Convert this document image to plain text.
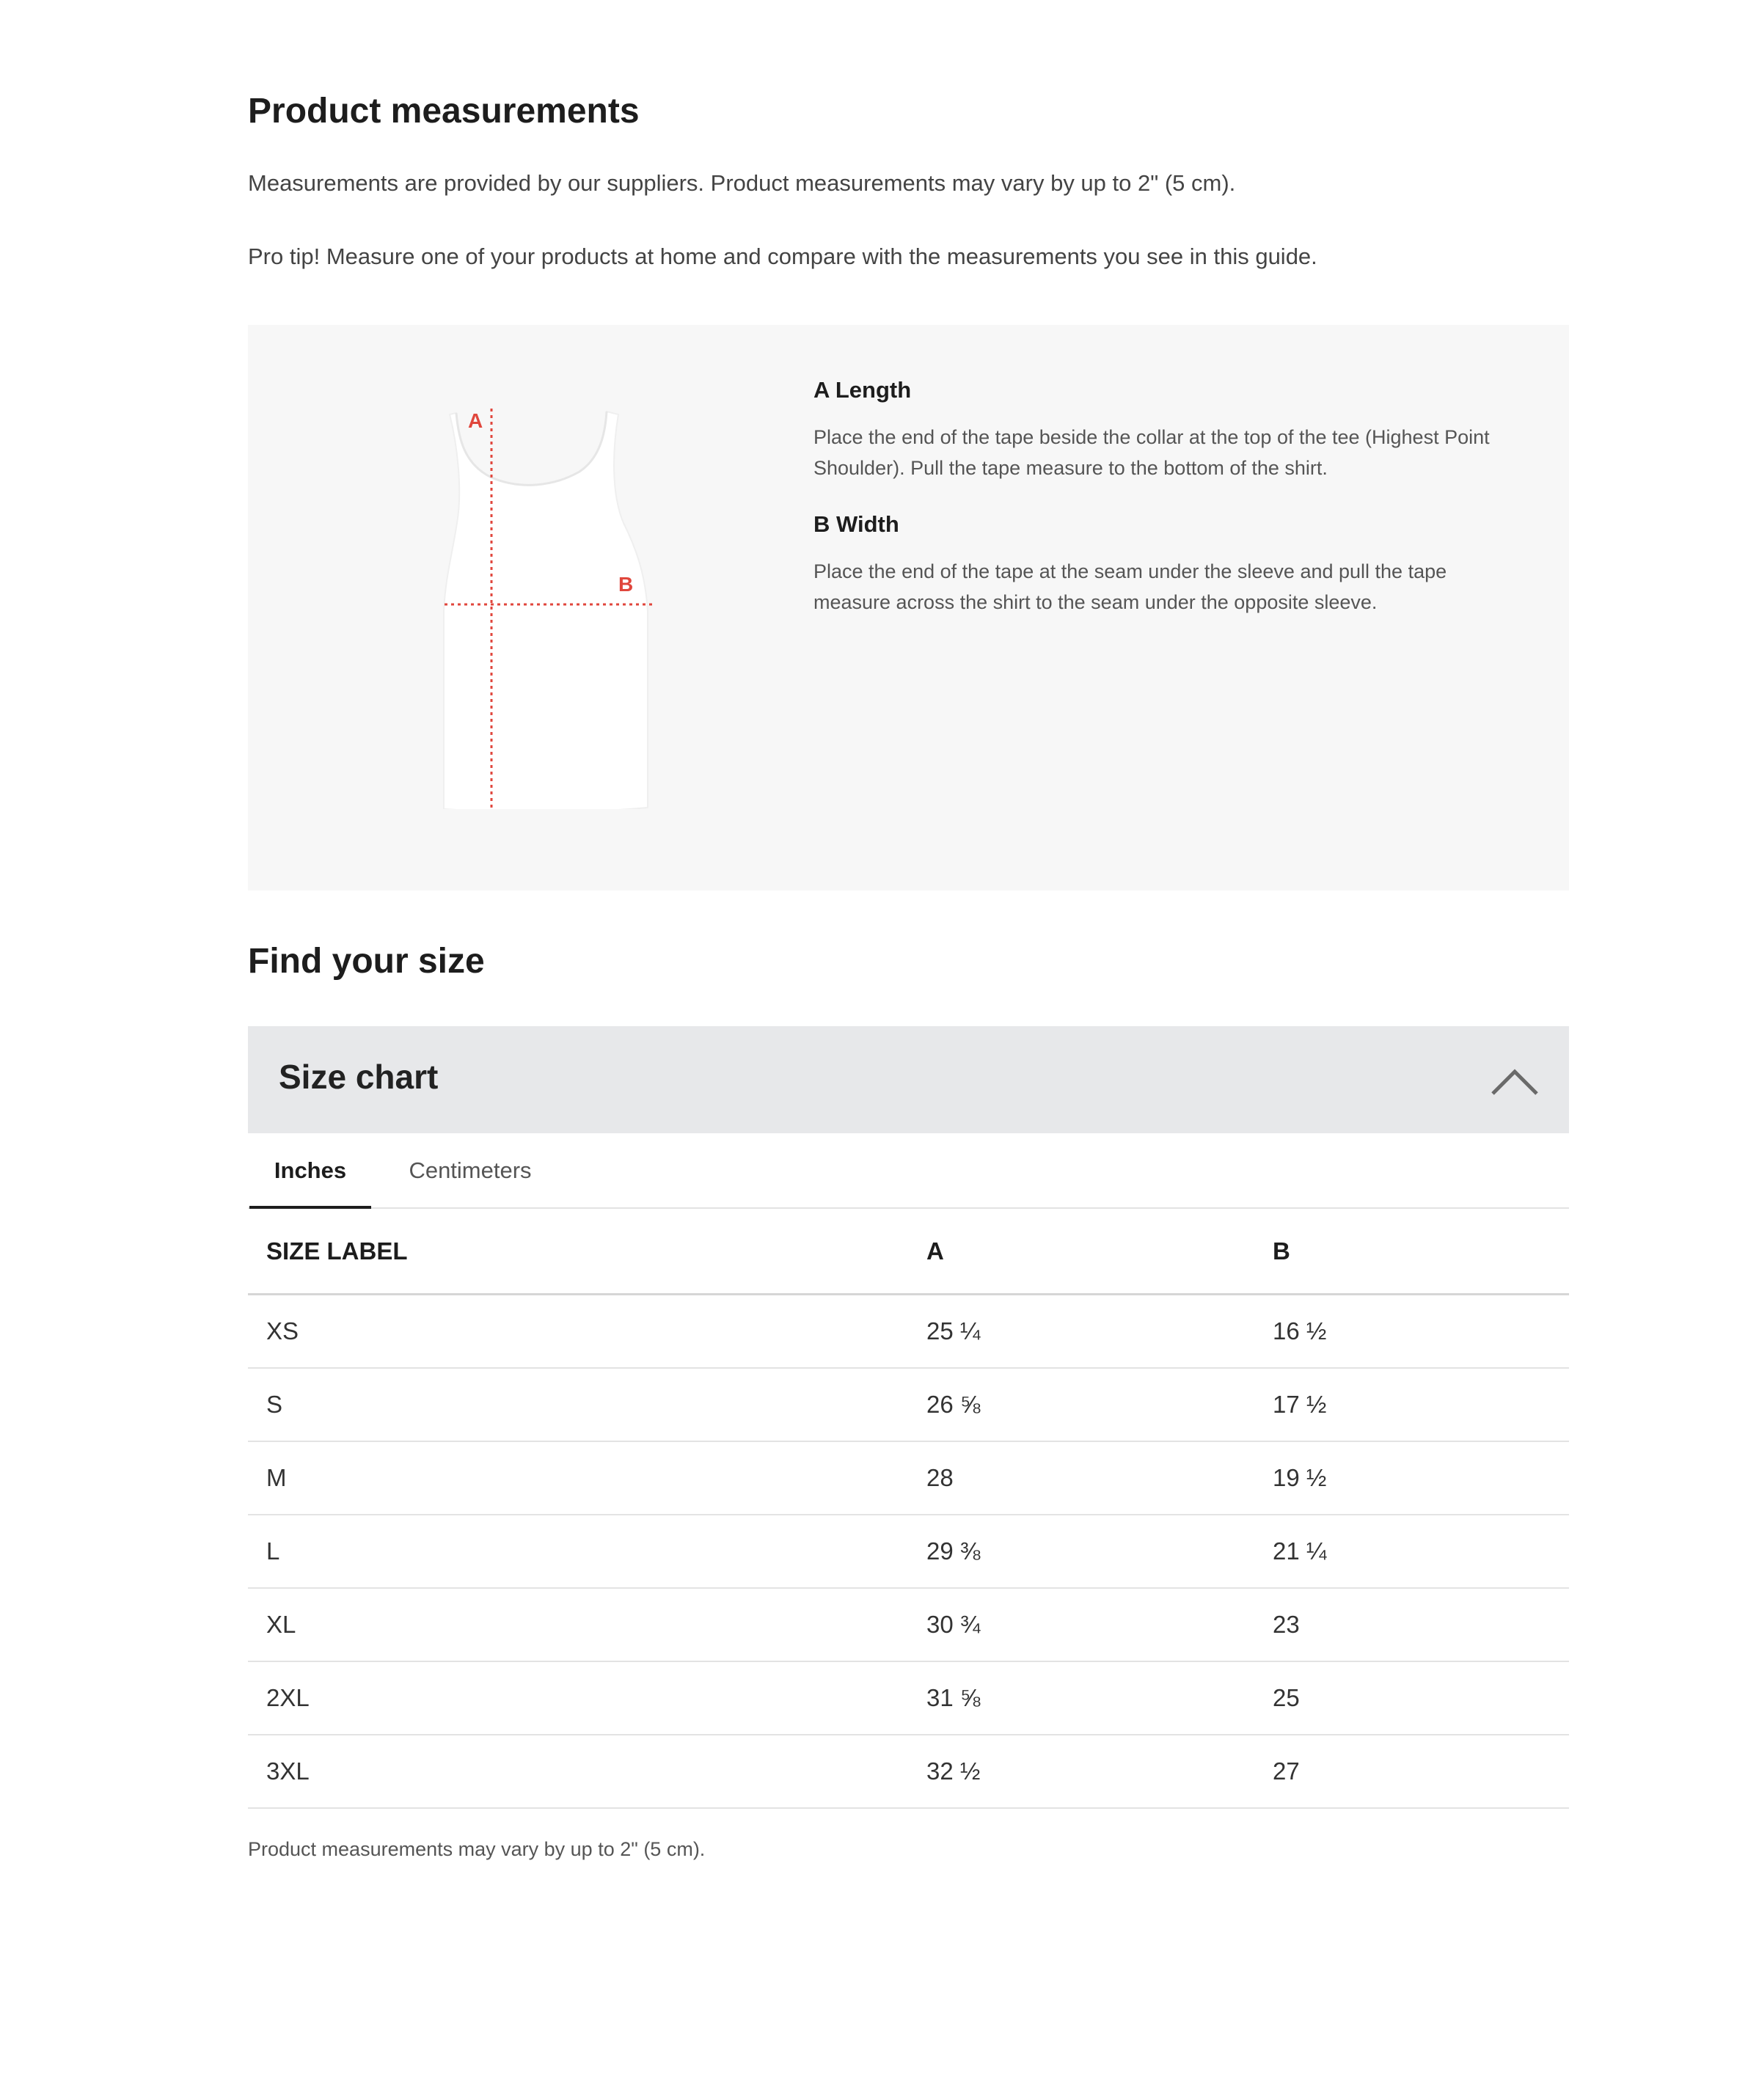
Product measurements

Measurements are provided by our suppliers. Product measurements may vary by up to 2" (5 cm).

Pro tip! Measure one of your products at home and compare with the measurements you see in this guide.

A
B
A Length

Place the end of the tape beside the collar at the top of the tee (Highest Point Shoulder). Pull the tape measure to the bottom of the shirt.

B Width

Place the end of the tape at the seam under the sleeve and pull the tape measure across the shirt to the seam under the opposite sleeve.

Find your size
Size chart
Inches	Centimeters
SIZE LABEL	A	B
XS	25 ¼	16 ½
S	26 ⅝	17 ½
M	28	19 ½
L	29 ⅜	21 ¼
XL	30 ¾	23
2XL	31 ⅝	25
3XL	32 ½	27

Product measurements may vary by up to 2" (5 cm).
